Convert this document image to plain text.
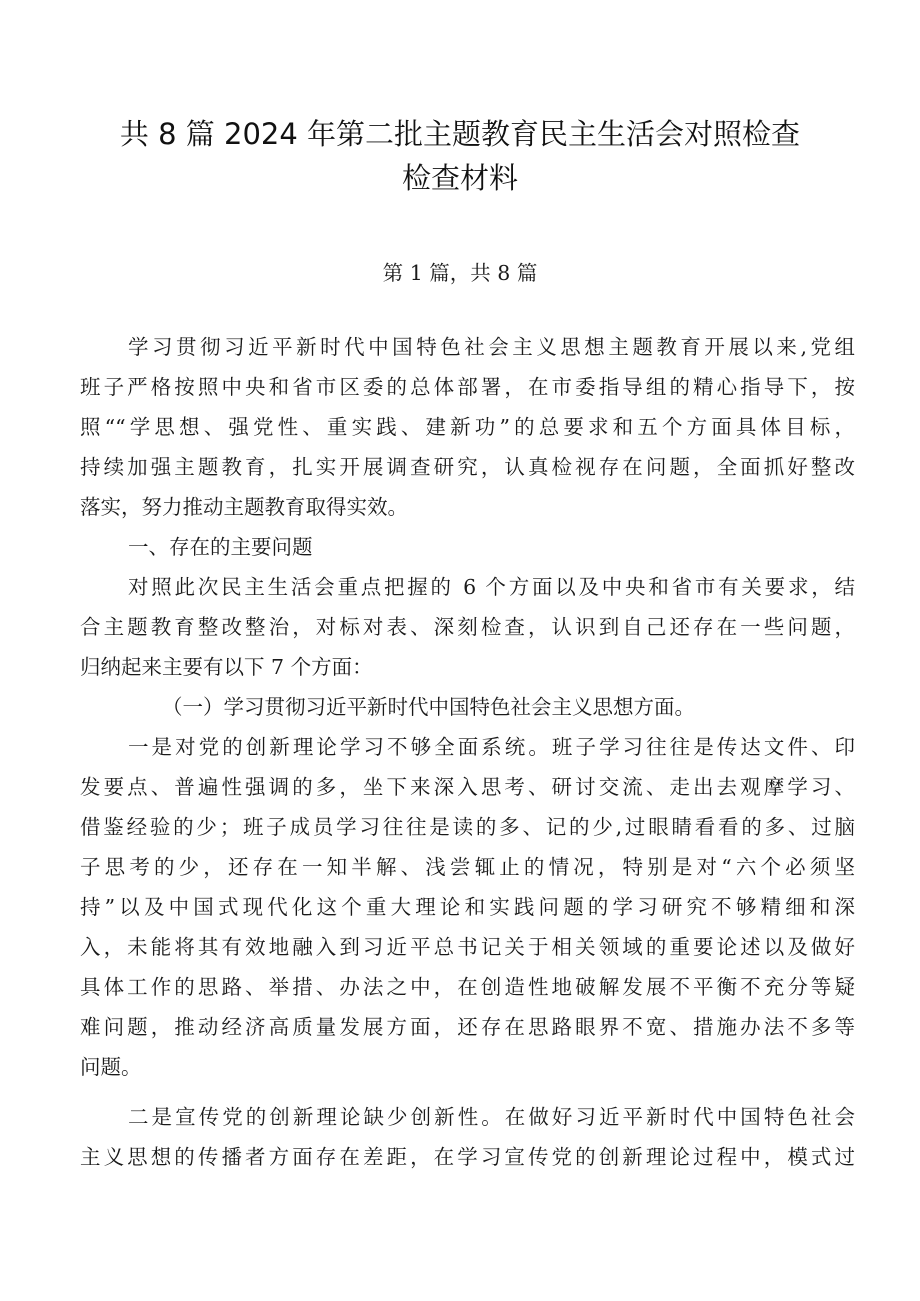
共 8 篇 2024 年第二批主题教育民主生活会对照检查
检查材料
第 1 篇，共 8 篇
学习贯彻习近平新时代中国特色社会主义思想主题教育开展以来,党组
班子严格按照中央和省市区委的总体部署，在市委指导组的精心指导下，按
照““学思想、强党性、重实践、建新功”的总要求和五个方面具体目标，
持续加强主题教育，扎实开展调查研究，认真检视存在问题，全面抓好整改
落实，努力推动主题教育取得实效。
一、存在的主要问题
对照此次民主生活会重点把握的 6 个方面以及中央和省市有关要求，结
合主题教育整改整治，对标对表、深刻检查，认识到自己还存在一些问题，
归纳起来主要有以下 7 个方面：
（一）学习贯彻习近平新时代中国特色社会主义思想方面。
一是对党的创新理论学习不够全面系统。班子学习往往是传达文件、印
发要点、普遍性强调的多，坐下来深入思考、研讨交流、走出去观摩学习、
借鉴经验的少；班子成员学习往往是读的多、记的少,过眼睛看看的多、过脑
子思考的少，还存在一知半解、浅尝辄止的情况，特别是对“六个必须坚
持”以及中国式现代化这个重大理论和实践问题的学习研究不够精细和深
入，未能将其有效地融入到习近平总书记关于相关领域的重要论述以及做好
具体工作的思路、举措、办法之中，在创造性地破解发展不平衡不充分等疑
难问题，推动经济高质量发展方面，还存在思路眼界不宽、措施办法不多等
问题。
二是宣传党的创新理论缺少创新性。在做好习近平新时代中国特色社会
主义思想的传播者方面存在差距，在学习宣传党的创新理论过程中，模式过
